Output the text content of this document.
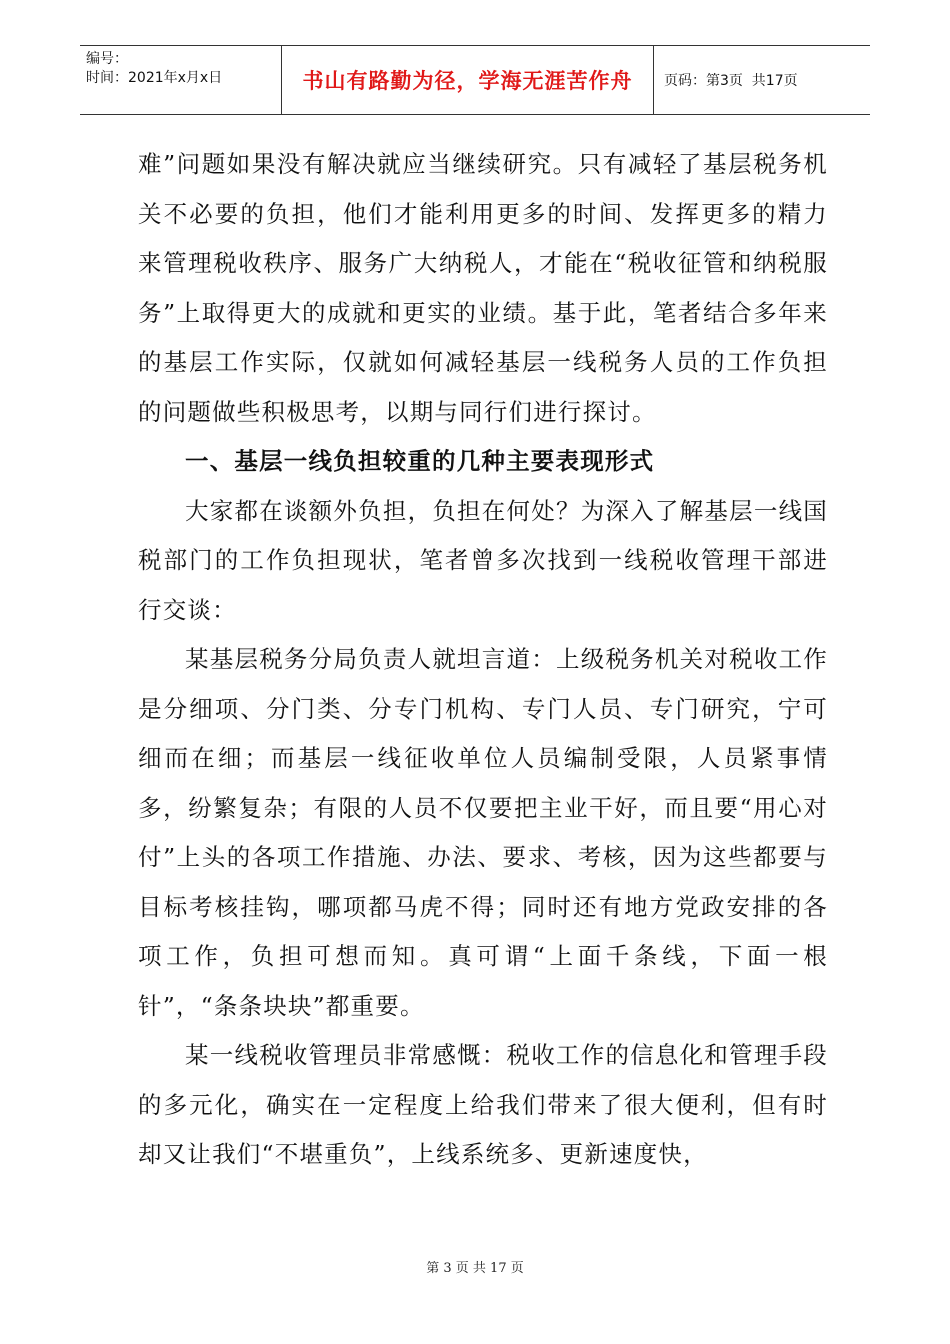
编号：
时间：2021年x月x日	书山有路勤为径，学海无涯苦作舟	页码：第3页  共17页

难”问题如果没有解决就应当继续研究。只有减轻了基层税务机关不必要的负担，他们才能利用更多的时间、发挥更多的精力来管理税收秩序、服务广大纳税人，才能在“税收征管和纳税服务”上取得更大的成就和更实的业绩。基于此，笔者结合多年来的基层工作实际，仅就如何减轻基层一线税务人员的工作负担的问题做些积极思考，以期与同行们进行探讨。

一、基层一线负担较重的几种主要表现形式

大家都在谈额外负担，负担在何处？为深入了解基层一线国税部门的工作负担现状，笔者曾多次找到一线税收管理干部进行交谈：

某基层税务分局负责人就坦言道：上级税务机关对税收工作是分细项、分门类、分专门机构、专门人员、专门研究，宁可细而在细；而基层一线征收单位人员编制受限，人员紧事情多，纷繁复杂；有限的人员不仅要把主业干好，而且要“用心对付”上头的各项工作措施、办法、要求、考核，因为这些都要与目标考核挂钩，哪项都马虎不得；同时还有地方党政安排的各项工作，负担可想而知。真可谓“上面千条线，下面一根针”，“条条块块”都重要。

某一线税收管理员非常感慨：税收工作的信息化和管理手段的多元化，确实在一定程度上给我们带来了很大便利，但有时却又让我们“不堪重负”，上线系统多、更新速度快，

第 3 页 共 17 页
